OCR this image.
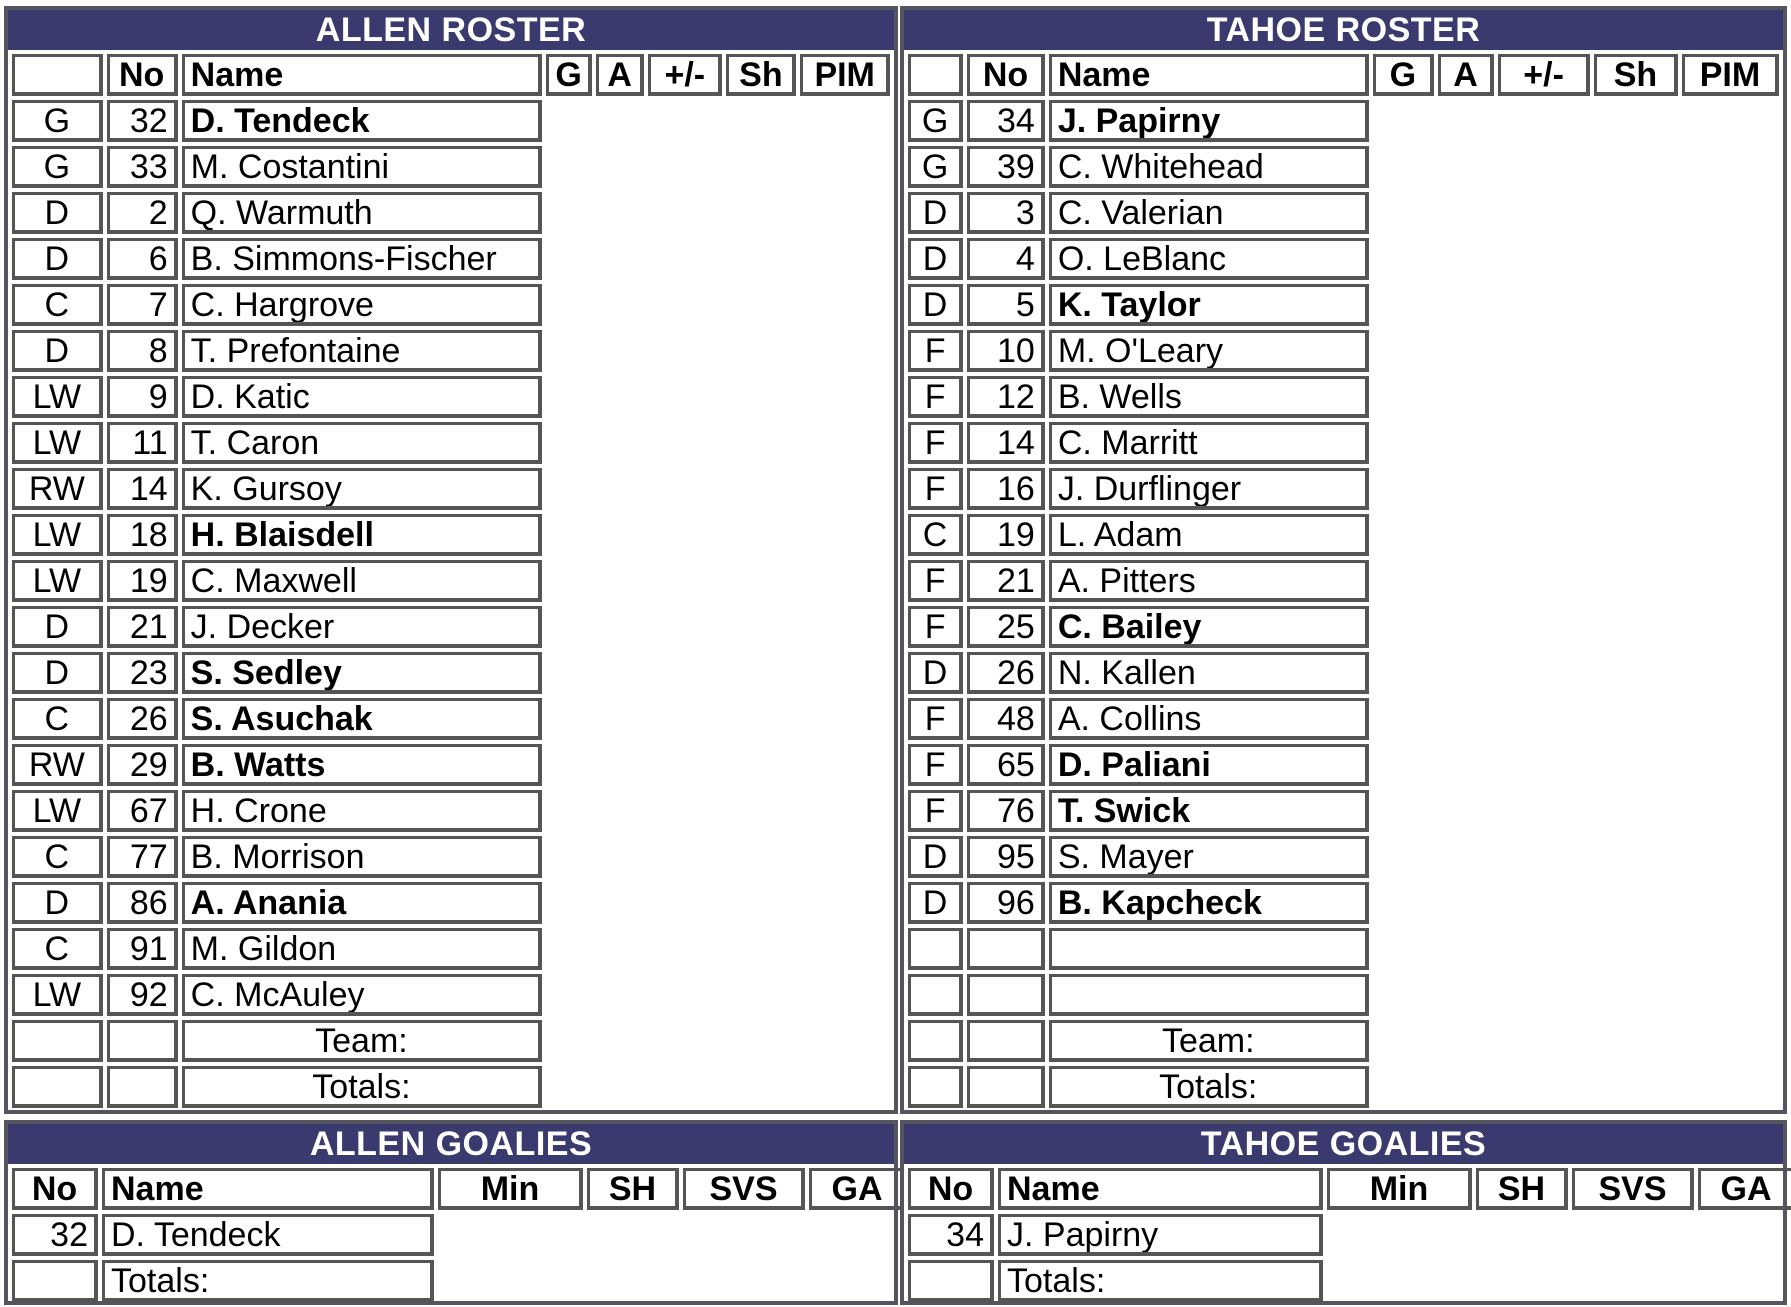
ALLEN ROSTER
	No	Name	G	A	+/-	Sh	PIM
G	32	D. Tendeck					
G	33	M. Costantini					
D	2	Q. Warmuth					
D	6	B. Simmons-Fischer					
C	7	C. Hargrove					
D	8	T. Prefontaine					
LW	9	D. Katic					
LW	11	T. Caron					
RW	14	K. Gursoy					
LW	18	H. Blaisdell					
LW	19	C. Maxwell					
D	21	J. Decker					
D	23	S. Sedley					
C	26	S. Asuchak					
RW	29	B. Watts					
LW	67	H. Crone					
C	77	B. Morrison					
D	86	A. Anania					
C	91	M. Gildon					
LW	92	C. McAuley					
		Team:					
		Totals:					
TAHOE ROSTER
	No	Name	G	A	+/-	Sh	PIM
G	34	J. Papirny					
G	39	C. Whitehead					
D	3	C. Valerian					
D	4	O. LeBlanc					
D	5	K. Taylor					
F	10	M. O'Leary					
F	12	B. Wells					
F	14	C. Marritt					
F	16	J. Durflinger					
C	19	L. Adam					
F	21	A. Pitters					
F	25	C. Bailey					
D	26	N. Kallen					
F	48	A. Collins					
F	65	D. Paliani					
F	76	T. Swick					
D	95	S. Mayer					
D	96	B. Kapcheck					

		Team:					
		Totals:					
ALLEN GOALIES
No	Name	Min	SH	SVS	GA
32	D. Tendeck				
	Totals:				
TAHOE GOALIES
No	Name	Min	SH	SVS	GA
34	J. Papirny				
	Totals:				
